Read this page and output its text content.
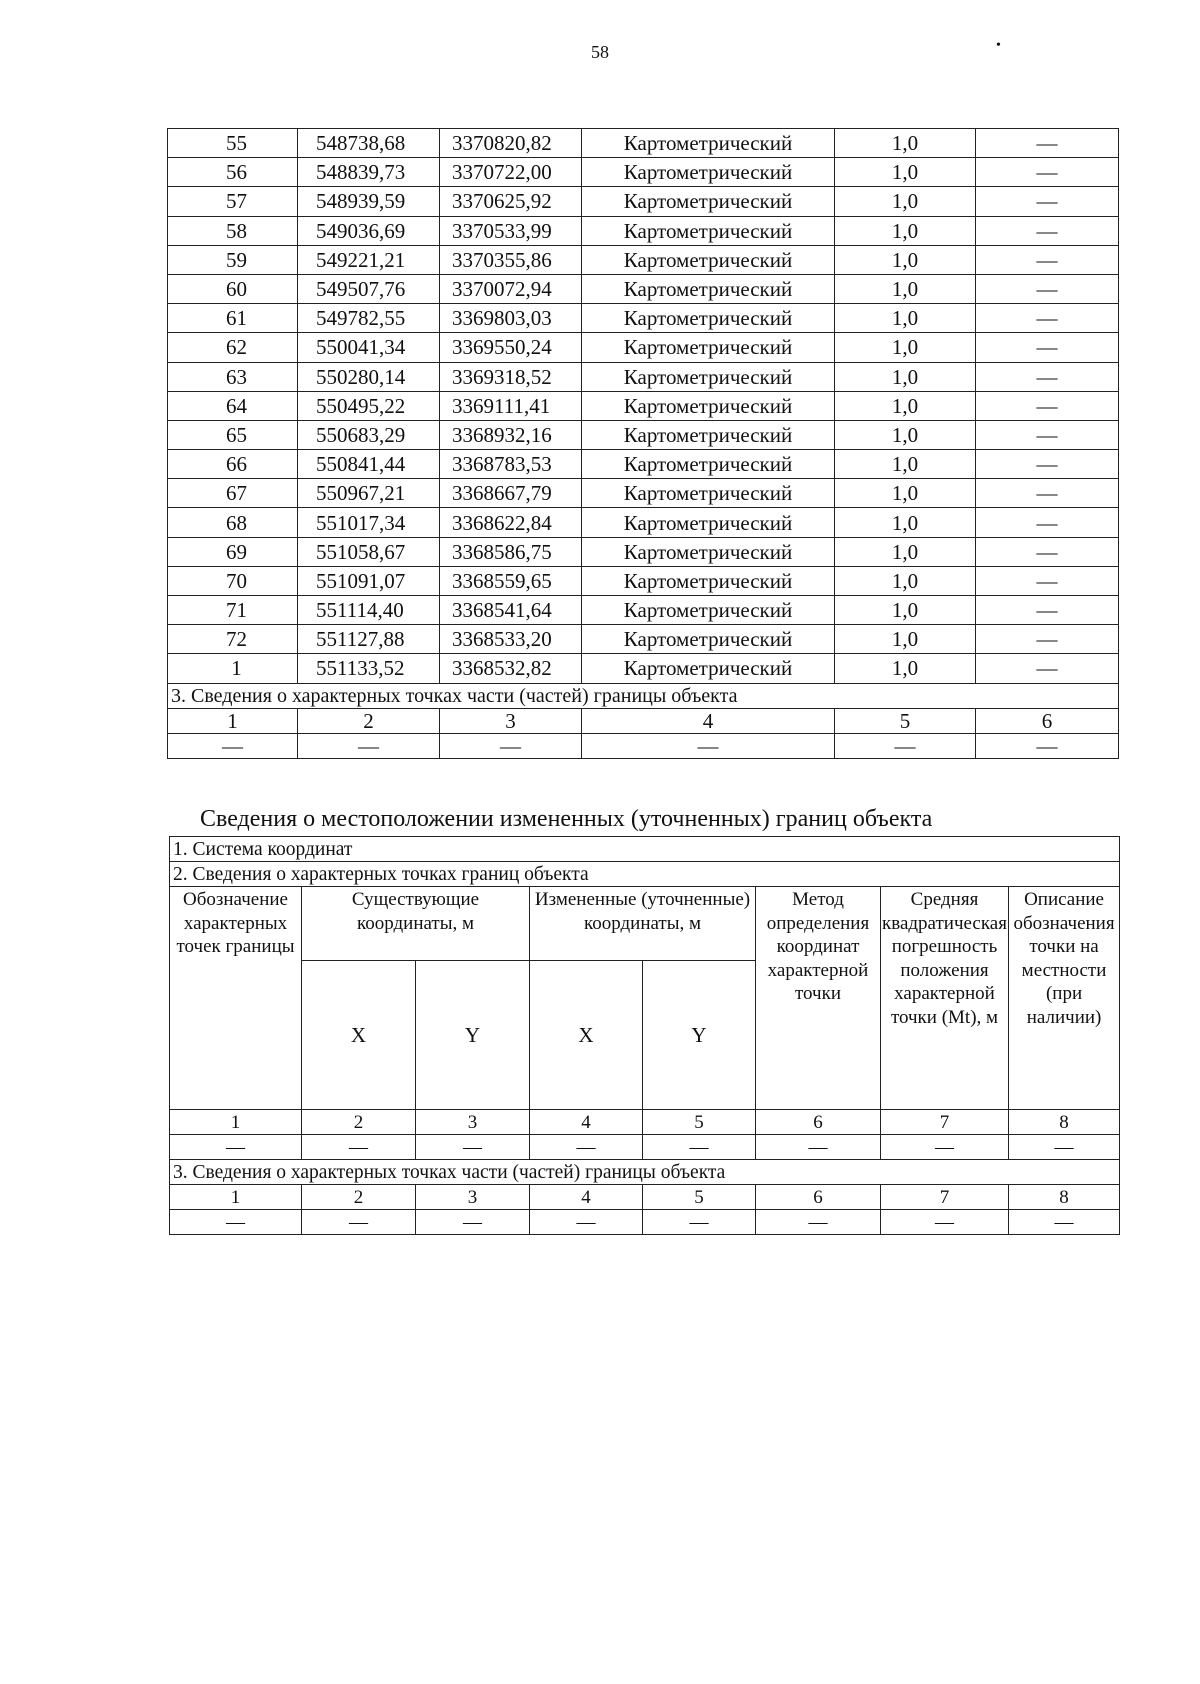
58	•
55	548738,68	3370820,82	Картометрический	1,0	—
56	548839,73	3370722,00	Картометрический	1,0	—
57	548939,59	3370625,92	Картометрический	1,0	—
58	549036,69	3370533,99	Картометрический	1,0	—
59	549221,21	3370355,86	Картометрический	1,0	—
60	549507,76	3370072,94	Картометрический	1,0	—
61	549782,55	3369803,03	Картометрический	1,0	—
62	550041,34	3369550,24	Картометрический	1,0	—
63	550280,14	3369318,52	Картометрический	1,0	—
64	550495,22	3369111,41	Картометрический	1,0	—
65	550683,29	3368932,16	Картометрический	1,0	—
66	550841,44	3368783,53	Картометрический	1,0	—
67	550967,21	3368667,79	Картометрический	1,0	—
68	551017,34	3368622,84	Картометрический	1,0	—
69	551058,67	3368586,75	Картометрический	1,0	—
70	551091,07	3368559,65	Картометрический	1,0	—
71	551114,40	3368541,64	Картометрический	1,0	—
72	551127,88	3368533,20	Картометрический	1,0	—
1	551133,52	3368532,82	Картометрический	1,0	—
3. Сведения о характерных точках части (частей) границы объекта					
1	2	3	4	5	6
—	—	—	—	—	—
Сведения о местоположении измененных (уточненных) границ объекта
1. Система координат							
2. Сведения о характерных точках границ объекта							
Обозначение характерных точек границы	Существующие координаты, м		Измененные (уточненные) координаты, м		Метод определения координат характерной точки	Средняя квадратическая погрешность положения характерной точки (Mt), м	Описание обозначения точки на местности (при наличии)
	X	Y	X	Y			
1	2	3	4	5	6	7	8
—	—	—	—	—	—	—	—
3. Сведения о характерных точках части (частей) границы объекта							
1	2	3	4	5	6	7	8
—	—	—	—	—	—	—	—
